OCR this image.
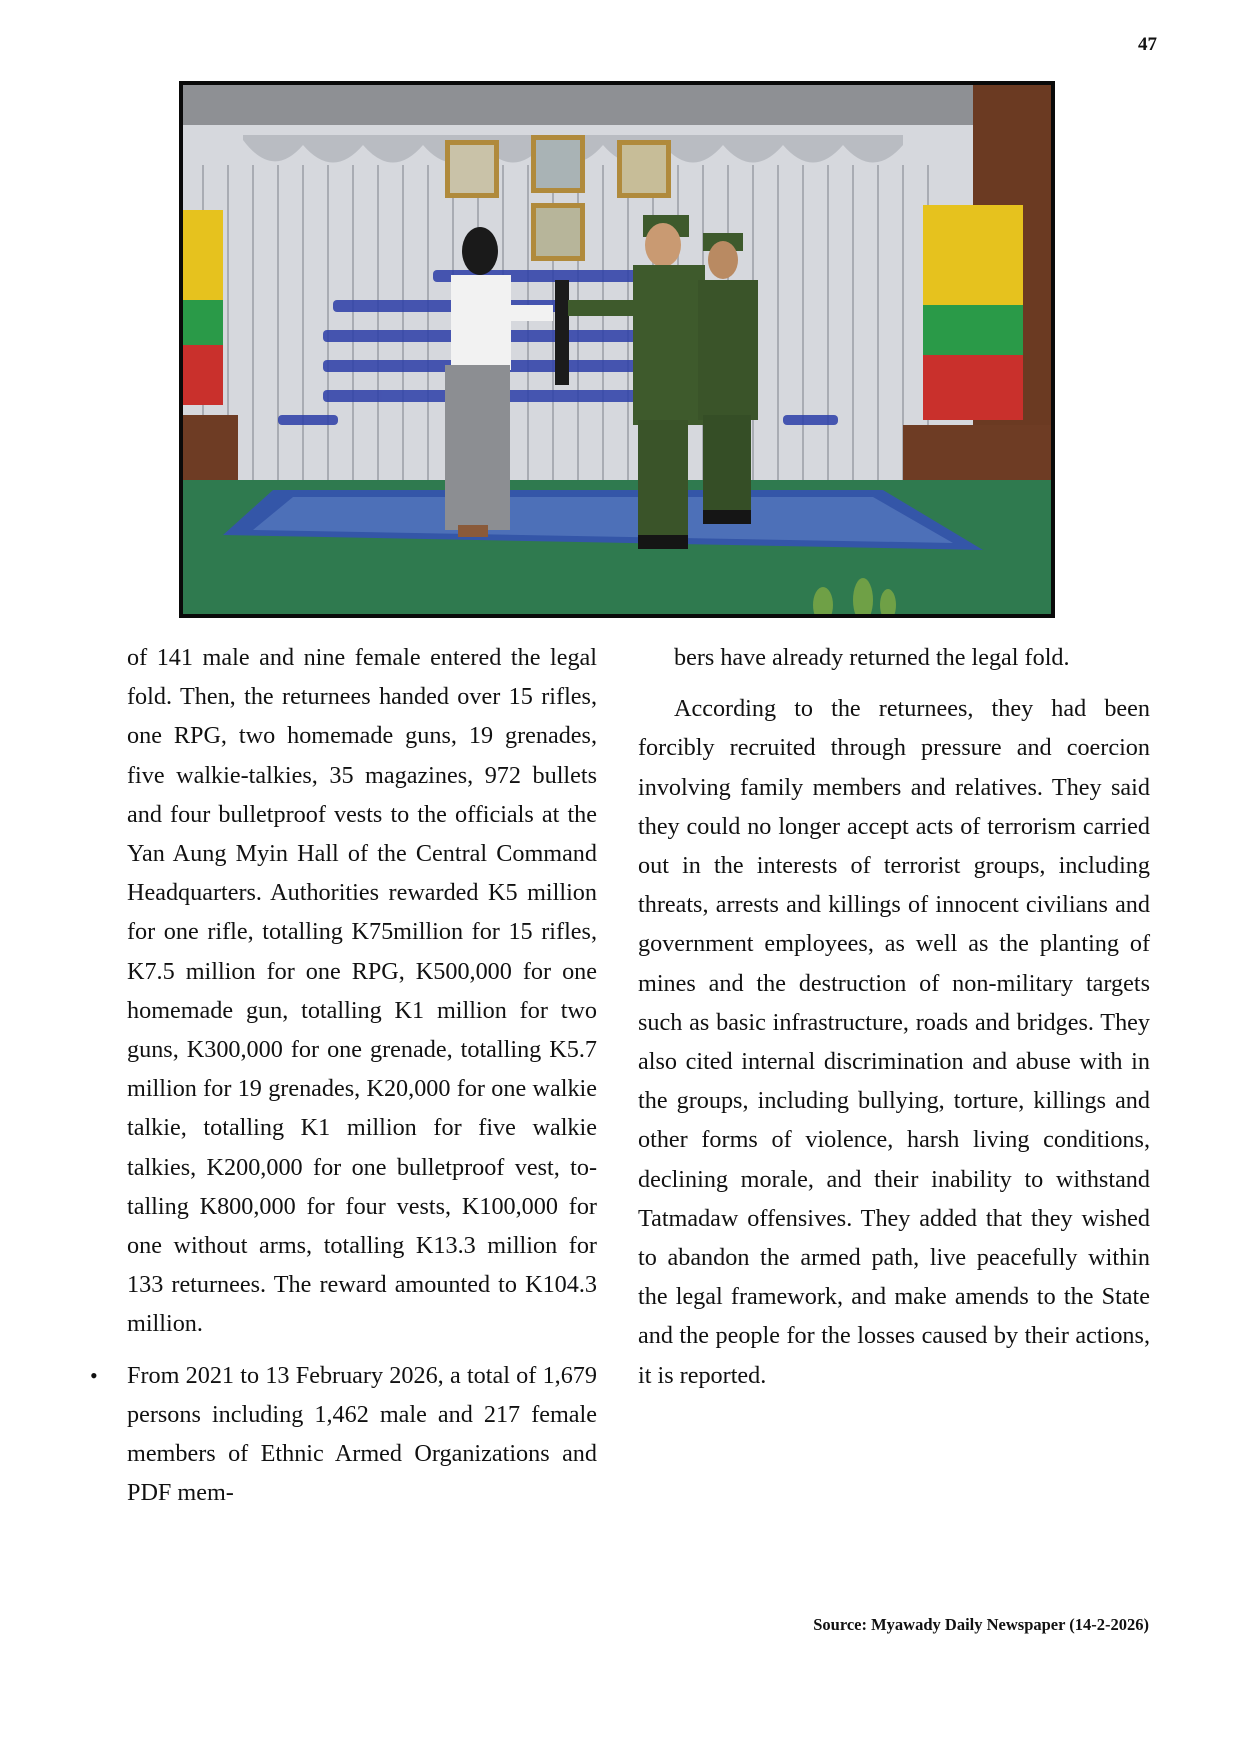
47

of 141 male and nine female entered the legal fold. Then, the returnees handed over 15 rifles, one RPG, two homemade guns, 19 grenades, five walkie-talkies, 35 magazines, 972 bullets and four bulletproof vests to the officials at the Yan Aung Myin Hall of the Central Command Headquarters. Authorities rewarded K5 million for one rifle, totalling K75million for 15 rifles, K7.5 million for one RPG, K500,000 for one homemade gun, totalling K1 million for two guns, K300,000 for one grenade, totalling K5.7 million for 19 grenades, K20,000 for one walkie talkie, totalling K1 million for five walkie talkies, K200,000 for one bulletproof vest, totalling K800,000 for four vests, K100,000 for one without arms, totalling K13.3 million for 133 returnees. The reward amounted to K104.3 million.

• From 2021 to 13 February 2026, a total of 1,679 persons including 1,462 male and 217 female members of Ethnic Armed Organizations and PDF mem-

bers have already returned the legal fold.

According to the returnees, they had been forcibly recruited through pressure and coercion involving family members and relatives. They said they could no longer accept acts of terrorism carried out in the interests of terrorist groups, including threats, arrests and killings of innocent civilians and government employees, as well as the planting of mines and the destruction of non-military targets such as basic infrastructure, roads and bridges. They also cited internal discrimination and abuse with in the groups, including bullying, torture, killings and other forms of violence, harsh living conditions, declining morale, and their inability to withstand Tatmadaw offensives. They added that they wished to abandon the armed path, live peacefully within the legal framework, and make amends to the State and the people for the losses caused by their actions, it is reported.

Source: Myawady Daily Newspaper (14-2-2026)
